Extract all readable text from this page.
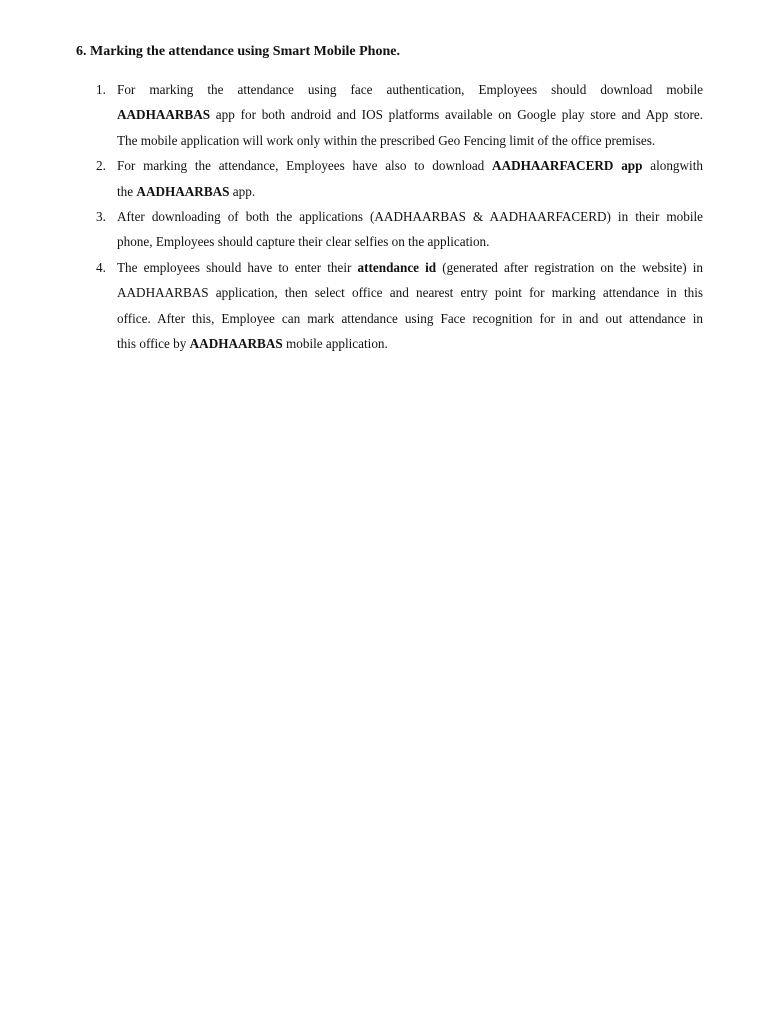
6. Marking the attendance using Smart Mobile Phone.
1. For marking the attendance using face authentication, Employees should download mobile
AADHAARBAS app for both android and IOS platforms available on Google play store and App store.
The mobile application will work only within the prescribed Geo Fencing limit of the office premises.
2. For marking the attendance, Employees have also to download AADHAARFACERD app alongwith
the AADHAARBAS app.
3. After downloading of both the applications (AADHAARBAS & AADHAARFACERD) in their mobile
phone, Employees should capture their clear selfies on the application.
4. The employees should have to enter their attendance id (generated after registration on the website) in
AADHAARBAS application, then select office and nearest entry point for marking attendance in this
office. After this, Employee can mark attendance using Face recognition for in and out attendance in
this office by AADHAARBAS mobile application.
